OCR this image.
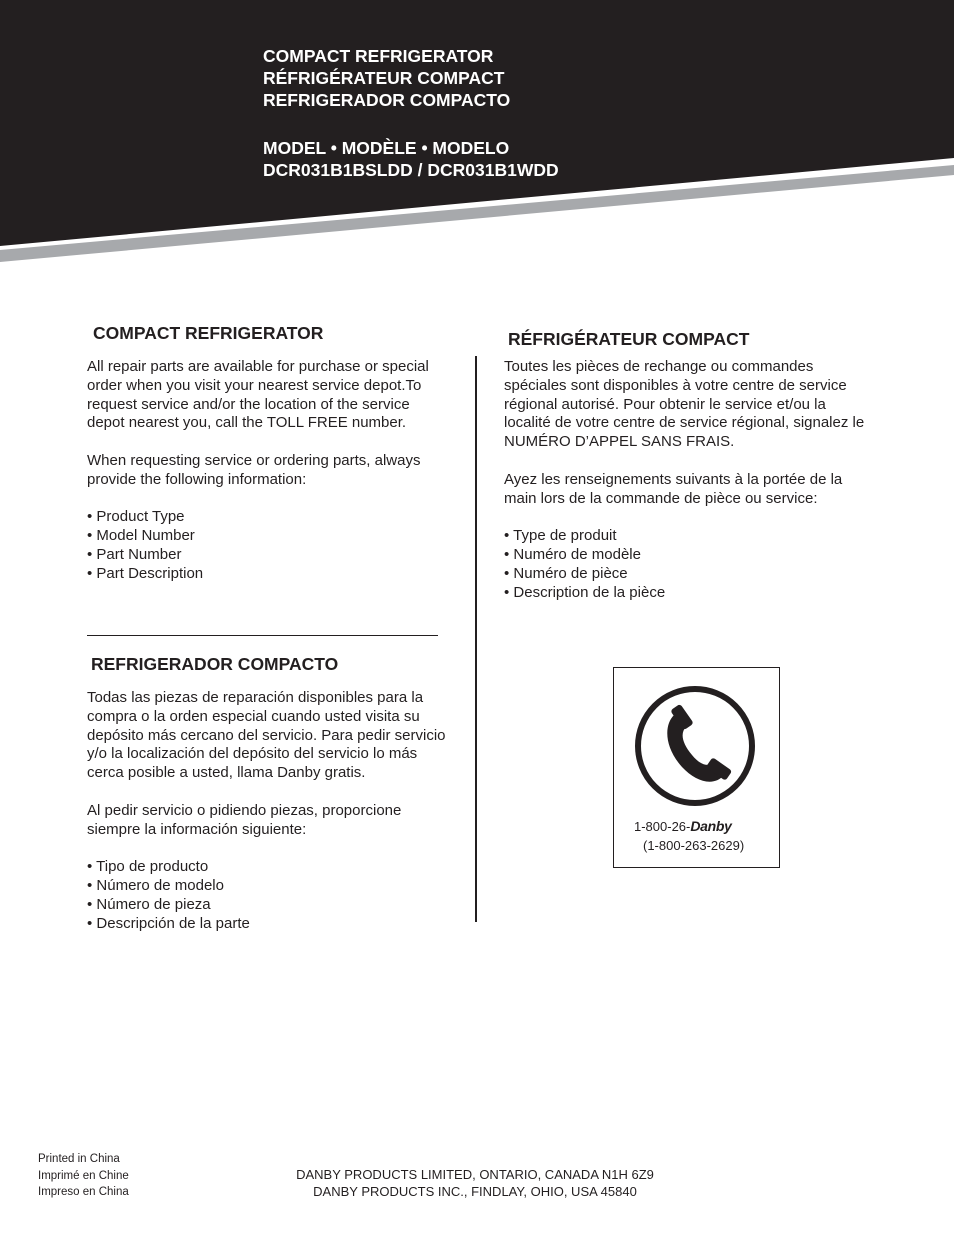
COMPACT REFRIGERATOR
RÉFRIGÉRATEUR COMPACT
REFRIGERADOR COMPACTO
MODEL • MODÈLE • MODELO
DCR031B1BSLDD / DCR031B1WDD
COMPACT REFRIGERATOR

All repair parts are available for purchase or special order when you visit your nearest service depot.To request service and/or the location of the service depot nearest you, call the TOLL FREE number.

When requesting service or ordering parts, always provide the following information:

• Product Type
• Model Number
• Part Number
• Part Description
REFRIGERADOR COMPACTO

Todas las piezas de reparación disponibles para la compra o la orden especial cuando usted visita su depósito más cercano del servicio. Para pedir servicio y/o la localización del depósito del servicio lo más cerca posible a usted, llama Danby gratis.

Al pedir servicio o pidiendo piezas, proporcione siempre la información siguiente:

• Tipo de producto
• Número de modelo
• Número de pieza
• Descripción de la parte
RÉFRIGÉRATEUR COMPACT

Toutes les pièces de rechange ou commandes spéciales sont disponibles à votre centre de service régional autorisé. Pour obtenir le service et/ou la localité de votre centre de service régional, signalez le NUMÉRO D’APPEL SANS FRAIS.

Ayez les renseignements suivants à la portée de la main lors de la commande de pièce ou service:

• Type de produit
• Numéro de modèle
• Numéro de pièce
• Description de la pièce
1-800-26-Danby
(1-800-263-2629)
Printed in China
Imprimé en Chine
Impreso en China
DANBY PRODUCTS LIMITED, ONTARIO, CANADA N1H 6Z9
DANBY PRODUCTS INC., FINDLAY, OHIO, USA 45840
